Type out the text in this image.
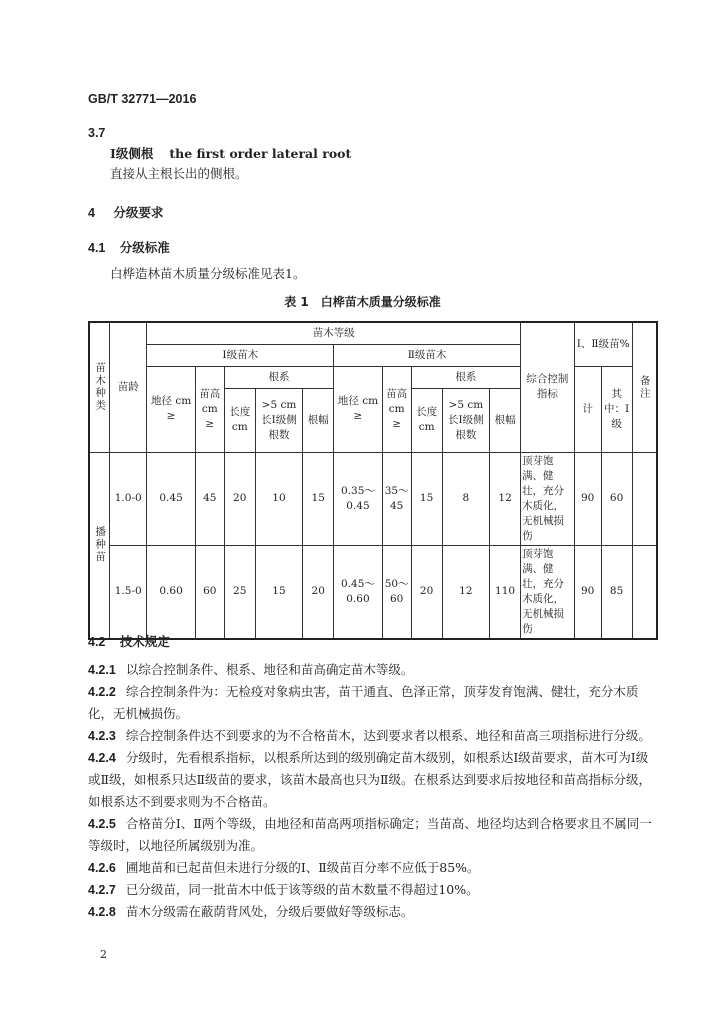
GB/T 32771—2016
3.7
Ⅰ级侧根 the first order lateral root
直接从主根长出的侧根。
4 分级要求
4.1 分级标准
白桦造林苗木质量分级标准见表1。
表 1　白桦苗木质量分级标准
苗木种类	苗龄	苗木等级										综合控制指标	Ⅰ、Ⅱ级苗%		备注

		Ⅰ级苗木					Ⅱ级苗木								
		地径 cm ≥	苗高 cm ≥	根系			地径 cm ≥	苗高 cm ≥	根系				计	其中：Ⅰ级	
				长度 cm	>5 cm 长Ⅰ级侧根数	根幅			长度 cm	>5 cm 长Ⅰ级侧根数	根幅				

播种苗	1.0-0	0.45	45	20	10	15	0.35～0.45	35～45	15	8	12	顶芽饱满、健壮，充分木质化，无机械损伤	90	60	
	1.5-0	0.60	60	25	15	20	0.45～0.60	50～60	20	12	110	顶芽饱满、健壮，充分木质化，无机械损伤	90	85	
4.2 技术规定
4.2.1 以综合控制条件、根系、地径和苗高确定苗木等级。
4.2.2 综合控制条件为：无检疫对象病虫害，苗干通直、色泽正常，顶芽发育饱满、健壮，充分木质化，无机械损伤。
4.2.3 综合控制条件达不到要求的为不合格苗木，达到要求者以根系、地径和苗高三项指标进行分级。
4.2.4 分级时，先看根系指标，以根系所达到的级别确定苗木级别，如根系达Ⅰ级苗要求，苗木可为Ⅰ级或Ⅱ级，如根系只达Ⅱ级苗的要求，该苗木最高也只为Ⅱ级。在根系达到要求后按地径和苗高指标分级，如根系达不到要求则为不合格苗。
4.2.5 合格苗分Ⅰ、Ⅱ两个等级，由地径和苗高两项指标确定；当苗高、地径均达到合格要求且不属同一等级时，以地径所属级别为准。
4.2.6 圃地苗和已起苗但未进行分级的Ⅰ、Ⅱ级苗百分率不应低于85%。
4.2.7 已分级苗，同一批苗木中低于该等级的苗木数量不得超过10%。
4.2.8 苗木分级需在蔽荫背风处，分级后要做好等级标志。
2
